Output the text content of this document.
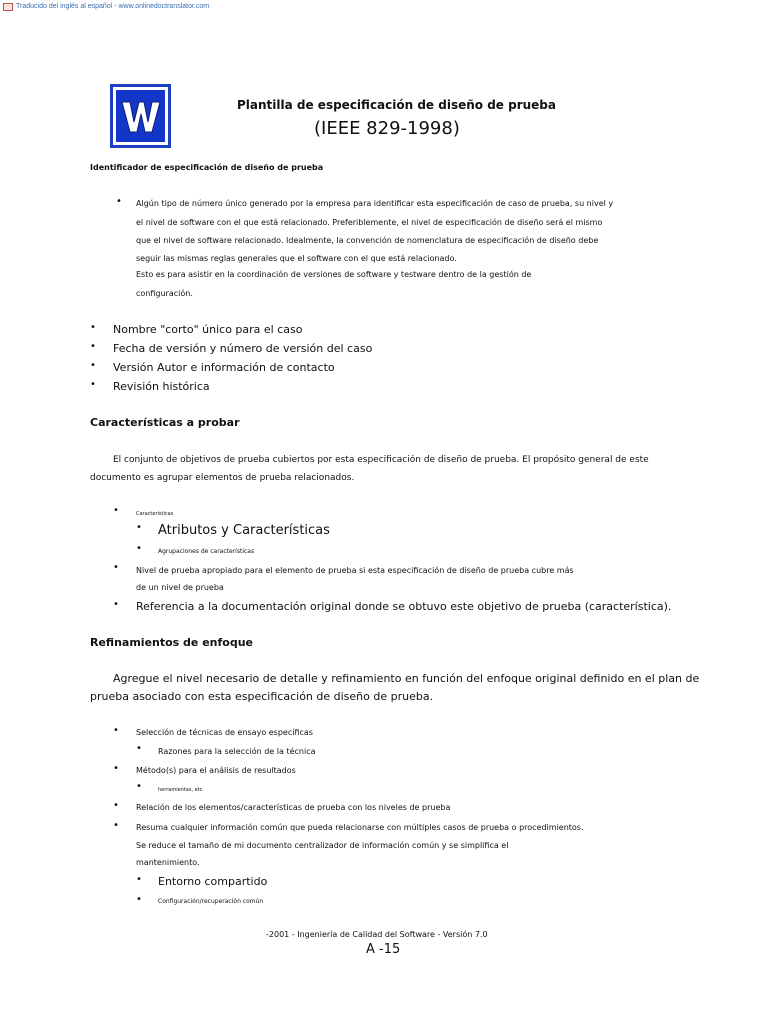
Traducido del inglés al español - www.onlinedoctranslator.com
Plantilla de especificación de diseño de prueba
(IEEE 829-1998)
Identificador de especificación de diseño de prueba
• Algún tipo de número único generado por la empresa para identificar esta especificación de caso de prueba, su nivel y
el nivel de software con el que está relacionado. Preferiblemente, el nivel de especificación de diseño será el mismo
que el nivel de software relacionado. Idealmente, la convención de nomenclatura de especificación de diseño debe
seguir las mismas reglas generales que el software con el que está relacionado.
Esto es para asistir en la coordinación de versiones de software y testware dentro de la gestión de
configuración.
• Nombre "corto" único para el caso
• Fecha de versión y número de versión del caso
• Versión Autor e información de contacto
• Revisión histórica
Características a probar
El conjunto de objetivos de prueba cubiertos por esta especificación de diseño de prueba. El propósito general de este
documento es agrupar elementos de prueba relacionados.
•	Características
• Atributos y Características
•	Agrupaciones de características
• Nivel de prueba apropiado para el elemento de prueba si esta especificación de diseño de prueba cubre más
de un nivel de prueba
• Referencia a la documentación original donde se obtuvo este objetivo de prueba (característica).
Refinamientos de enfoque
Agregue el nivel necesario de detalle y refinamiento en función del enfoque original definido en el plan de
prueba asociado con esta especificación de diseño de prueba.
• Selección de técnicas de ensayo específicas
• Razones para la selección de la técnica
• Método(s) para el análisis de resultados
•	herramientas, etc
• Relación de los elementos/características de prueba con los niveles de prueba
• Resuma cualquier información común que pueda relacionarse con múltiples casos de prueba o procedimientos.
Se reduce el tamaño de mi documento centralizador de información común y se simplifica el
mantenimiento.
• Entorno compartido
•	Configuración/recuperación común
-2001 - Ingeniería de Calidad del Software - Versión 7.0
A -15
